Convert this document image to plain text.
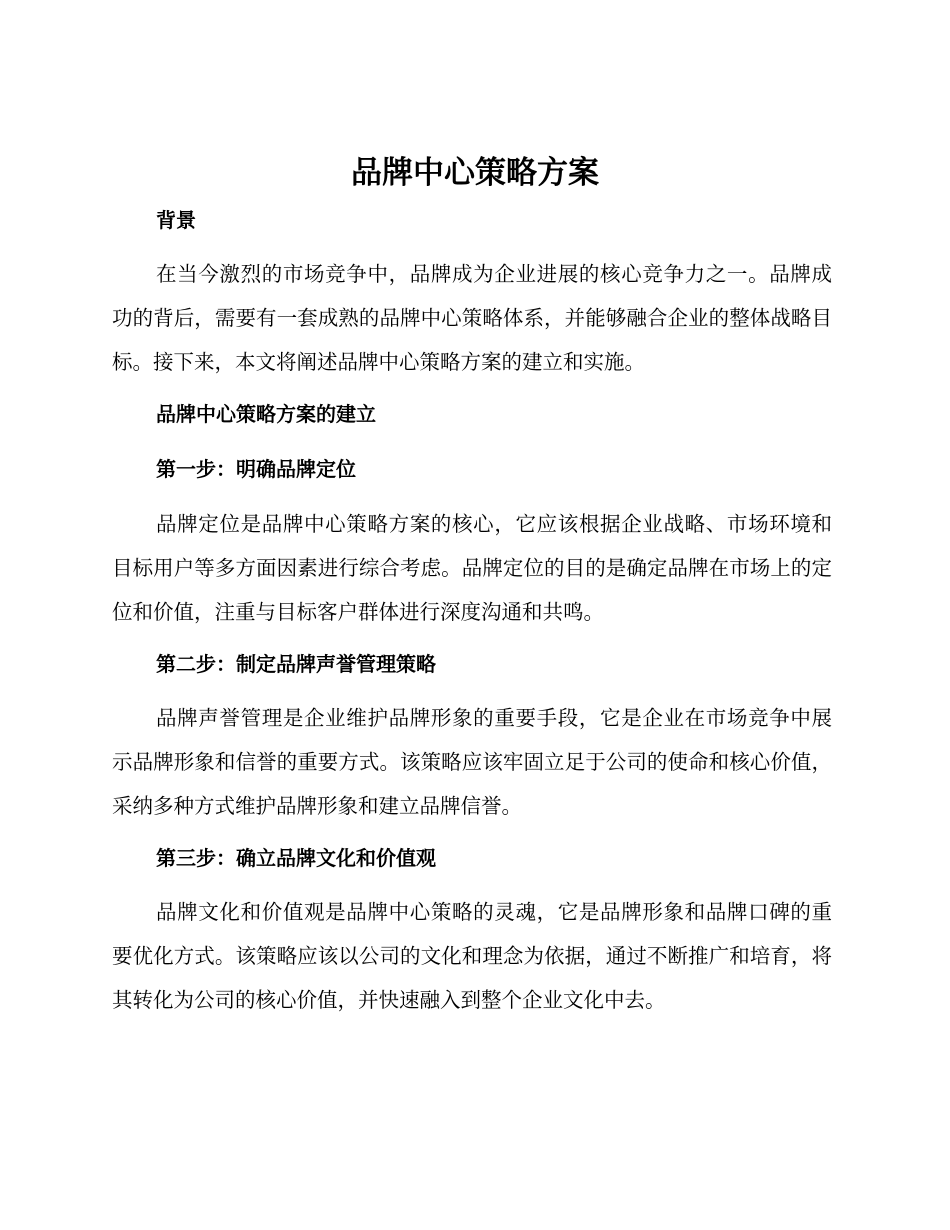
品牌中心策略方案
背景

在当今激烈的市场竞争中，品牌成为企业进展的核心竞争力之一。品牌成功的背后，需要有一套成熟的品牌中心策略体系，并能够融合企业的整体战略目标。接下来，本文将阐述品牌中心策略方案的建立和实施。

品牌中心策略方案的建立
第一步：明确品牌定位

品牌定位是品牌中心策略方案的核心，它应该根据企业战略、市场环境和目标用户等多方面因素进行综合考虑。品牌定位的目的是确定品牌在市场上的定位和价值，注重与目标客户群体进行深度沟通和共鸣。

第二步：制定品牌声誉管理策略

品牌声誉管理是企业维护品牌形象的重要手段，它是企业在市场竞争中展示品牌形象和信誉的重要方式。该策略应该牢固立足于公司的使命和核心价值，采纳多种方式维护品牌形象和建立品牌信誉。

第三步：确立品牌文化和价值观

品牌文化和价值观是品牌中心策略的灵魂，它是品牌形象和品牌口碑的重要优化方式。该策略应该以公司的文化和理念为依据，通过不断推广和培育，将其转化为公司的核心价值，并快速融入到整个企业文化中去。
